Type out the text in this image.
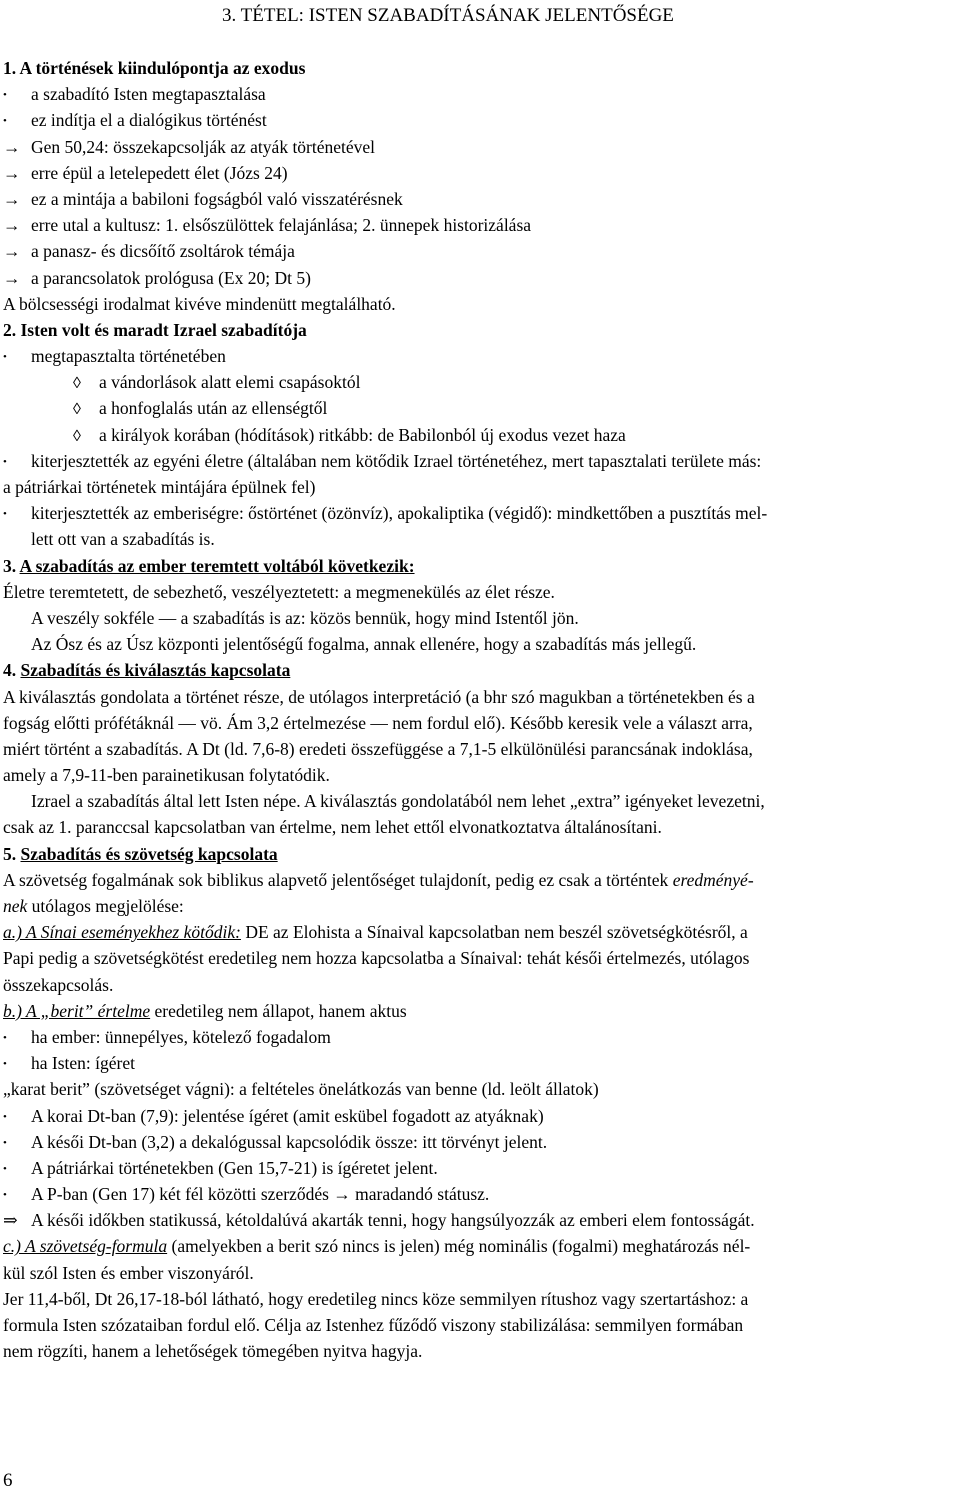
3. TÉTEL: ISTEN SZABADÍTÁSÁNAK JELENTŐSÉGE
1. A történések kiindulópontja az exodus
• a szabadító Isten megtapasztalása
• ez indítja el a dialógikus történést
→ Gen 50,24: összekapcsolják az atyák történetével
→ erre épül a letelepedett élet (Józs 24)
→ ez a mintája a babiloni fogságból való visszatérésnek
→ erre utal a kultusz: 1. elsőszülöttek felajánlása; 2. ünnepek historizálása
→ a panasz- és dicsőítő zsoltárok témája
→ a parancsolatok prológusa (Ex 20; Dt 5)
A bölcsességi irodalmat kivéve mindenütt megtalálható.
2. Isten volt és maradt Izrael szabadítója
• megtapasztalta történetében
◊ a vándorlások alatt elemi csapásoktól
◊ a honfoglalás után az ellenségtől
◊ a királyok korában (hódítások) ritkább: de Babilonból új exodus vezet haza
• kiterjesztették az egyéni életre (általában nem kötődik Izrael történetéhez, mert tapasztalati területe más:
a pátriárkai történetek mintájára épülnek fel)
• kiterjesztették az emberiségre: őstörténet (özönvíz), apokaliptika (végidő): mindkettőben a pusztítás mel-
lett ott van a szabadítás is.
3. A szabadítás az ember teremtett voltából következik:
Életre teremtetett, de sebezhető, veszélyeztetett: a megmenekülés az élet része.
A veszély sokféle — a szabadítás is az: közös bennük, hogy mind Istentől jön.
Az Ósz és az Úsz központi jelentőségű fogalma, annak ellenére, hogy a szabadítás más jellegű.
4. Szabadítás és kiválasztás kapcsolata
A kiválasztás gondolata a történet része, de utólagos interpretáció (a bhr szó magukban a történetekben és a
fogság előtti prófétáknál — vö. Ám 3,2 értelmezése — nem fordul elő). Később keresik vele a választ arra,
miért történt a szabadítás. A Dt (ld. 7,6-8) eredeti összefüggése a 7,1-5 elkülönülési parancsának indoklása,
amely a 7,9-11-ben parainetikusan folytatódik.
Izrael a szabadítás által lett Isten népe. A kiválasztás gondolatából nem lehet „extra” igényeket levezetni,
csak az 1. paranccsal kapcsolatban van értelme, nem lehet ettől elvonatkoztatva általánosítani.
5. Szabadítás és szövetség kapcsolata
A szövetség fogalmának sok biblikus alapvető jelentőséget tulajdonít, pedig ez csak a történtek eredményé-
nek utólagos megjelölése:
a.) A Sínai eseményekhez kötődik: DE az Elohista a Sínaival kapcsolatban nem beszél szövetségkötésről, a
Papi pedig a szövetségkötést eredetileg nem hozza kapcsolatba a Sínaival: tehát késői értelmezés, utólagos
összekapcsolás.
b.) A „berit” értelme eredetileg nem állapot, hanem aktus
• ha ember: ünnepélyes, kötelező fogadalom
• ha Isten: ígéret
„karat berit” (szövetséget vágni): a feltételes önelátkozás van benne (ld. leölt állatok)
• A korai Dt-ban (7,9): jelentése ígéret (amit eskübel fogadott az atyáknak)
• A késői Dt-ban (3,2) a dekalógussal kapcsolódik össze: itt törvényt jelent.
• A pátriárkai történetekben (Gen 15,7-21) is ígéretet jelent.
• A P-ban (Gen 17) két fél közötti szerződés → maradandó státusz.
⇒ A késői időkben statikussá, kétoldalúvá akarták tenni, hogy hangsúlyozzák az emberi elem fontosságát.
c.) A szövetség-formula (amelyekben a berit szó nincs is jelen) még nominális (fogalmi) meghatározás nél-
kül szól Isten és ember viszonyáról.
Jer 11,4-ből, Dt 26,17-18-ból látható, hogy eredetileg nincs köze semmilyen rítushoz vagy szertartáshoz: a
formula Isten szózataiban fordul elő. Célja az Istenhez fűződő viszony stabilizálása: semmilyen formában
nem rögzíti, hanem a lehetőségek tömegében nyitva hagyja.
6
